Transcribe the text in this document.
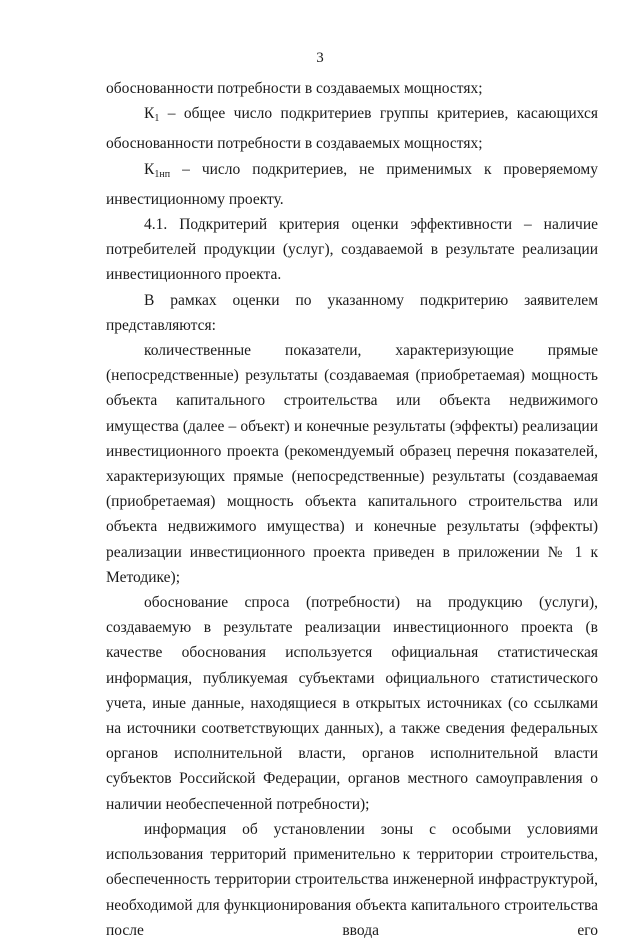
3

обоснованности потребности в создаваемых мощностях;

$К_1$ – общее число подкритериев группы критериев, касающихся обоснованности потребности в создаваемых мощностях;

$К_{1нп}$ – число подкритериев, не применимых к проверяемому инвестиционному проекту.

4.1. Подкритерий критерия оценки эффективности – наличие потребителей продукции (услуг), создаваемой в результате реализации инвестиционного проекта.

В рамках оценки по указанному подкритерию заявителем представляются:

количественные показатели, характеризующие прямые (непосредственные) результаты (создаваемая (приобретаемая) мощность объекта капитального строительства или объекта недвижимого имущества (далее – объект) и конечные результаты (эффекты) реализации инвестиционного проекта (рекомендуемый образец перечня показателей, характеризующих прямые (непосредственные) результаты (создаваемая (приобретаемая) мощность объекта капитального строительства или объекта недвижимого имущества) и конечные результаты (эффекты) реализации инвестиционного проекта приведен в приложении № 1 к Методике);

обоснование спроса (потребности) на продукцию (услуги), создаваемую в результате реализации инвестиционного проекта (в качестве обоснования используется официальная статистическая информация, публикуемая субъектами официального статистического учета, иные данные, находящиеся в открытых источниках (со ссылками на источники соответствующих данных), а также сведения федеральных органов исполнительной власти, органов исполнительной власти субъектов Российской Федерации, органов местного самоуправления о наличии необеспеченной потребности);

информация об установлении зоны с особыми условиями использования территорий применительно к территории строительства, обеспеченность территории строительства инженерной инфраструктурой, необходимой для функционирования объекта капитального строительства после ввода его
